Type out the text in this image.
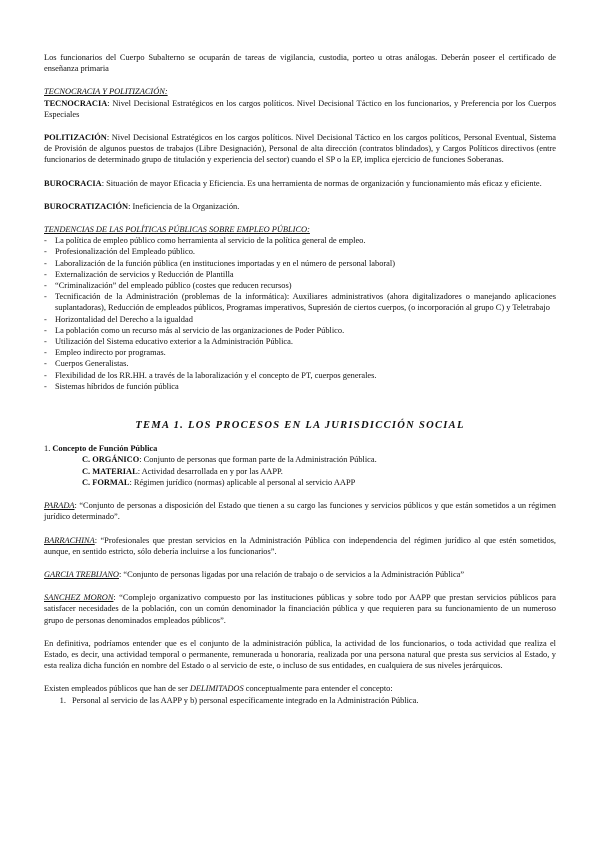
Los funcionarios del Cuerpo Subalterno se ocuparán de tareas de vigilancia, custodia, porteo u otras análogas. Deberán poseer el certificado de enseñanza primaria

TECNOCRACIA Y POLITIZACIÓN:

TECNOCRACIA: Nivel Decisional Estratégicos en los cargos políticos. Nivel Decisional Táctico en los funcionarios, y Preferencia por los Cuerpos Especiales

POLITIZACIÓN: Nivel Decisional Estratégicos en los cargos políticos. Nivel Decisional Táctico en los cargos políticos, Personal Eventual, Sistema de Provisión de algunos puestos de trabajos (Libre Designación), Personal de alta dirección (contratos blindados), y Cargos Políticos directivos (entre funcionarios de determinado grupo de titulación y experiencia del sector) cuando el SP o la EP, implica ejercicio de funciones Soberanas.

BUROCRACIA: Situación de mayor Eficacia y Eficiencia. Es una herramienta de normas de organización y funcionamiento más eficaz y eficiente.

BUROCRATIZACIÓN: Ineficiencia de la Organización.

TENDENCIAS DE LAS POLÍTICAS PÚBLICAS SOBRE EMPLEO PÚBLICO:

- La política de empleo público como herramienta al servicio de la política general de empleo.
- Profesionalización del Empleado público.
- Laboralización de la función pública (en instituciones importadas y en el número de personal laboral)
- Externalización de servicios y Reducción de Plantilla
- “Criminalización” del empleado público (costes que reducen recursos)
- Tecnificación de la Administración (problemas de la informática): Auxiliares administrativos (ahora digitalizadores o manejando aplicaciones suplantadoras), Reducción de empleados públicos, Programas imperativos, Supresión de ciertos cuerpos, (o incorporación al grupo C) y Teletrabajo
- Horizontalidad del Derecho a la igualdad
- La población como un recurso más al servicio de las organizaciones de Poder Público.
- Utilización del Sistema educativo exterior a la Administración Pública.
- Empleo indirecto por programas.
- Cuerpos Generalistas.
- Flexibilidad de los RR.HH. a través de la laboralización y el concepto de PT, cuerpos generales.
- Sistemas híbridos de función pública
TEMA 1. LOS PROCESOS EN LA JURISDICCIÓN SOCIAL

1. Concepto de Función Pública

C. ORGÁNICO: Conjunto de personas que forman parte de la Administración Pública.

C. MATERIAL: Actividad desarrollada en y por las AAPP.

C. FORMAL: Régimen jurídico (normas) aplicable al personal al servicio AAPP

PARADA: “Conjunto de personas a disposición del Estado que tienen a su cargo las funciones y servicios públicos y que están sometidos a un régimen jurídico determinado”.

BARRACHINA: “Profesionales que prestan servicios en la Administración Pública con independencia del régimen jurídico al que estén sometidos, aunque, en sentido estricto, sólo debería incluirse a los funcionarios”.

GARCIA TREBIJANO: “Conjunto de personas ligadas por una relación de trabajo o de servicios a la Administración Pública”

SANCHEZ MORON: “Complejo organizativo compuesto por las instituciones públicas y sobre todo por AAPP que prestan servicios públicos para satisfacer necesidades de la población, con un común denominador la financiación pública y que requieren para su funcionamiento de un numeroso grupo de personas denominados empleados públicos”.

En definitiva, podríamos entender que es el conjunto de la administración pública, la actividad de los funcionarios, o toda actividad que realiza el Estado, es decir, una actividad temporal o permanente, remunerada u honoraria, realizada por una persona natural que presta sus servicios al Estado, y esta realiza dicha función en nombre del Estado o al servicio de este, o incluso de sus entidades, en cualquiera de sus niveles jerárquicos.

Existen empleados públicos que han de ser DELIMITADOS conceptualmente para entender el concepto:

1. Personal al servicio de las AAPP y b) personal específicamente integrado en la Administración Pública.
